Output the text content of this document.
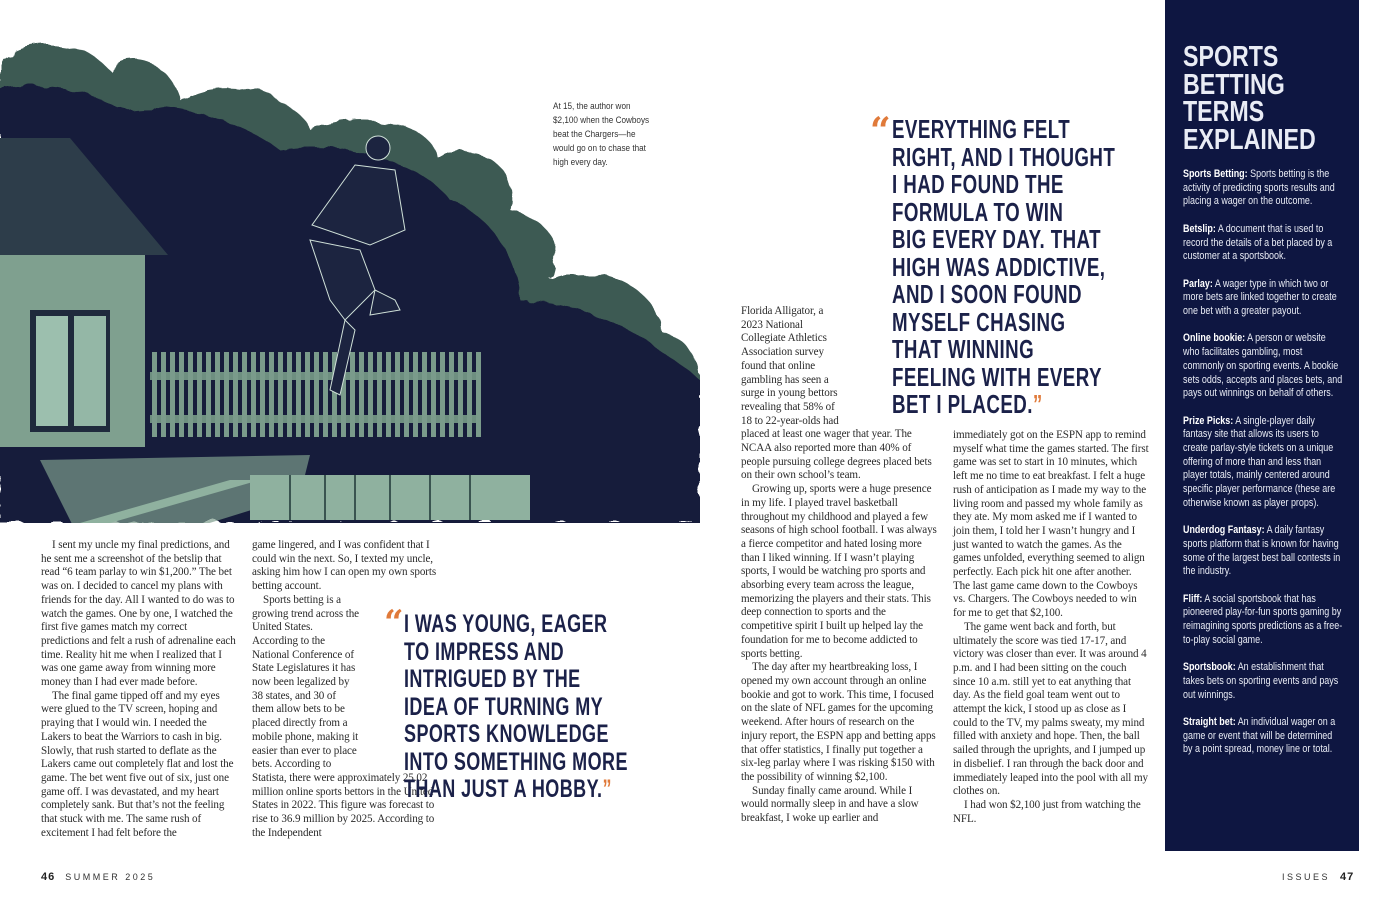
At 15, the author won $2,100 when the Cowboys beat the Chargers—he would go on to chase that high every day.

I sent my uncle my final predictions, and he sent me a screenshot of the betslip that read “6 team parlay to win $1,200.” The bet was on. I decided to cancel my plans with friends for the day. All I wanted to do was to watch the games. One by one, I watched the first five games match my correct predictions and felt a rush of adrenaline each time. Reality hit me when I realized that I was one game away from winning more money than I had ever made before.

The final game tipped off and my eyes were glued to the TV screen, hoping and praying that I would win. I needed the Lakers to beat the Warriors to cash in big. Slowly, that rush started to deflate as the Lakers came out completely flat and lost the game. The bet went five out of six, just one game off. I was devastated, and my heart completely sank. But that’s not the feeling that stuck with me. The same rush of excitement I had felt before the

game lingered, and I was confident that I could win the next. So, I texted my uncle, asking him how I can open my own sports betting account.

Sports betting is a growing trend across the United States. According to the National Conference of State Legislatures it has now been legalized by 38 states, and 30 of them allow bets to be placed directly from a mobile phone, making it easier than ever to place bets. According to Statista, there were approximately 25.02 million online sports bettors in the United States in 2022. This figure was forecast to rise to 36.9 million by 2025. According to the Independent

“ I WAS YOUNG, EAGER
TO IMPRESS AND
INTRIGUED BY THE
IDEA OF TURNING MY
SPORTS KNOWLEDGE
INTO SOMETHING MORE
THAN JUST A HOBBY.”

Florida Alligator, a 2023 National Collegiate Athletics Association survey found that online gambling has seen a surge in young bettors revealing that 58% of 18 to 22-year-olds had placed at least one wager that year. The NCAA also reported more than 40% of people pursuing college degrees placed bets on their own school’s team.

Growing up, sports were a huge presence in my life. I played travel basketball throughout my childhood and played a few seasons of high school football. I was always a fierce competitor and hated losing more than I liked winning. If I wasn’t playing sports, I would be watching pro sports and absorbing every team across the league, memorizing the players and their stats. This deep connection to sports and the competitive spirit I built up helped lay the foundation for me to become addicted to sports betting.

The day after my heartbreaking loss, I opened my own account through an online bookie and got to work. This time, I focused on the slate of NFL games for the upcoming weekend. After hours of research on the injury report, the ESPN app and betting apps that offer statistics, I finally put together a six-leg parlay where I was risking $150 with the possibility of winning $2,100.

Sunday finally came around. While I would normally sleep in and have a slow breakfast, I woke up earlier and

immediately got on the ESPN app to remind myself what time the games started. The first game was set to start in 10 minutes, which left me no time to eat breakfast. I felt a huge rush of anticipation as I made my way to the living room and passed my whole family as they ate. My mom asked me if I wanted to join them, I told her I wasn’t hungry and I just wanted to watch the games. As the games unfolded, everything seemed to align perfectly. Each pick hit one after another. The last game came down to the Cowboys vs. Chargers. The Cowboys needed to win for me to get that $2,100.

The game went back and forth, but ultimately the score was tied 17-17, and victory was closer than ever. It was around 4 p.m. and I had been sitting on the couch since 10 a.m. still yet to eat anything that day. As the field goal team went out to attempt the kick, I stood up as close as I could to the TV, my palms sweaty, my mind filled with anxiety and hope. Then, the ball sailed through the uprights, and I jumped up in disbelief. I ran through the back door and immediately leaped into the pool with all my clothes on.

I had won $2,100 just from watching the NFL.

“ EVERYTHING FELT
RIGHT, AND I THOUGHT
I HAD FOUND THE
FORMULA TO WIN
BIG EVERY DAY. THAT
HIGH WAS ADDICTIVE,
AND I SOON FOUND
MYSELF CHASING
THAT WINNING
FEELING WITH EVERY
BET I PLACED.”
SPORTS
BETTING
TERMS
EXPLAINED

Sports Betting: Sports betting is the activity of predicting sports results and placing a wager on the outcome.

Betslip: A document that is used to record the details of a bet placed by a customer at a sportsbook.

Parlay: A wager type in which two or more bets are linked together to create one bet with a greater payout.

Online bookie: A person or website who facilitates gambling, most commonly on sporting events. A bookie sets odds, accepts and places bets, and pays out winnings on behalf of others.

Prize Picks: A single-player daily fantasy site that allows its users to create parlay-style tickets on a unique offering of more than and less than player totals, mainly centered around specific player performance (these are otherwise known as player props).

Underdog Fantasy: A daily fantasy sports platform that is known for having some of the largest best ball contests in the industry.

Fliff: A social sportsbook that has pioneered play-for-fun sports gaming by reimagining sports predictions as a free-to-play social game.

Sportsbook: An establishment that takes bets on sporting events and pays out winnings.

Straight bet: An individual wager on a game or event that will be determined by a point spread, money line or total.

46 SUMMER 2025	ISSUES 47
